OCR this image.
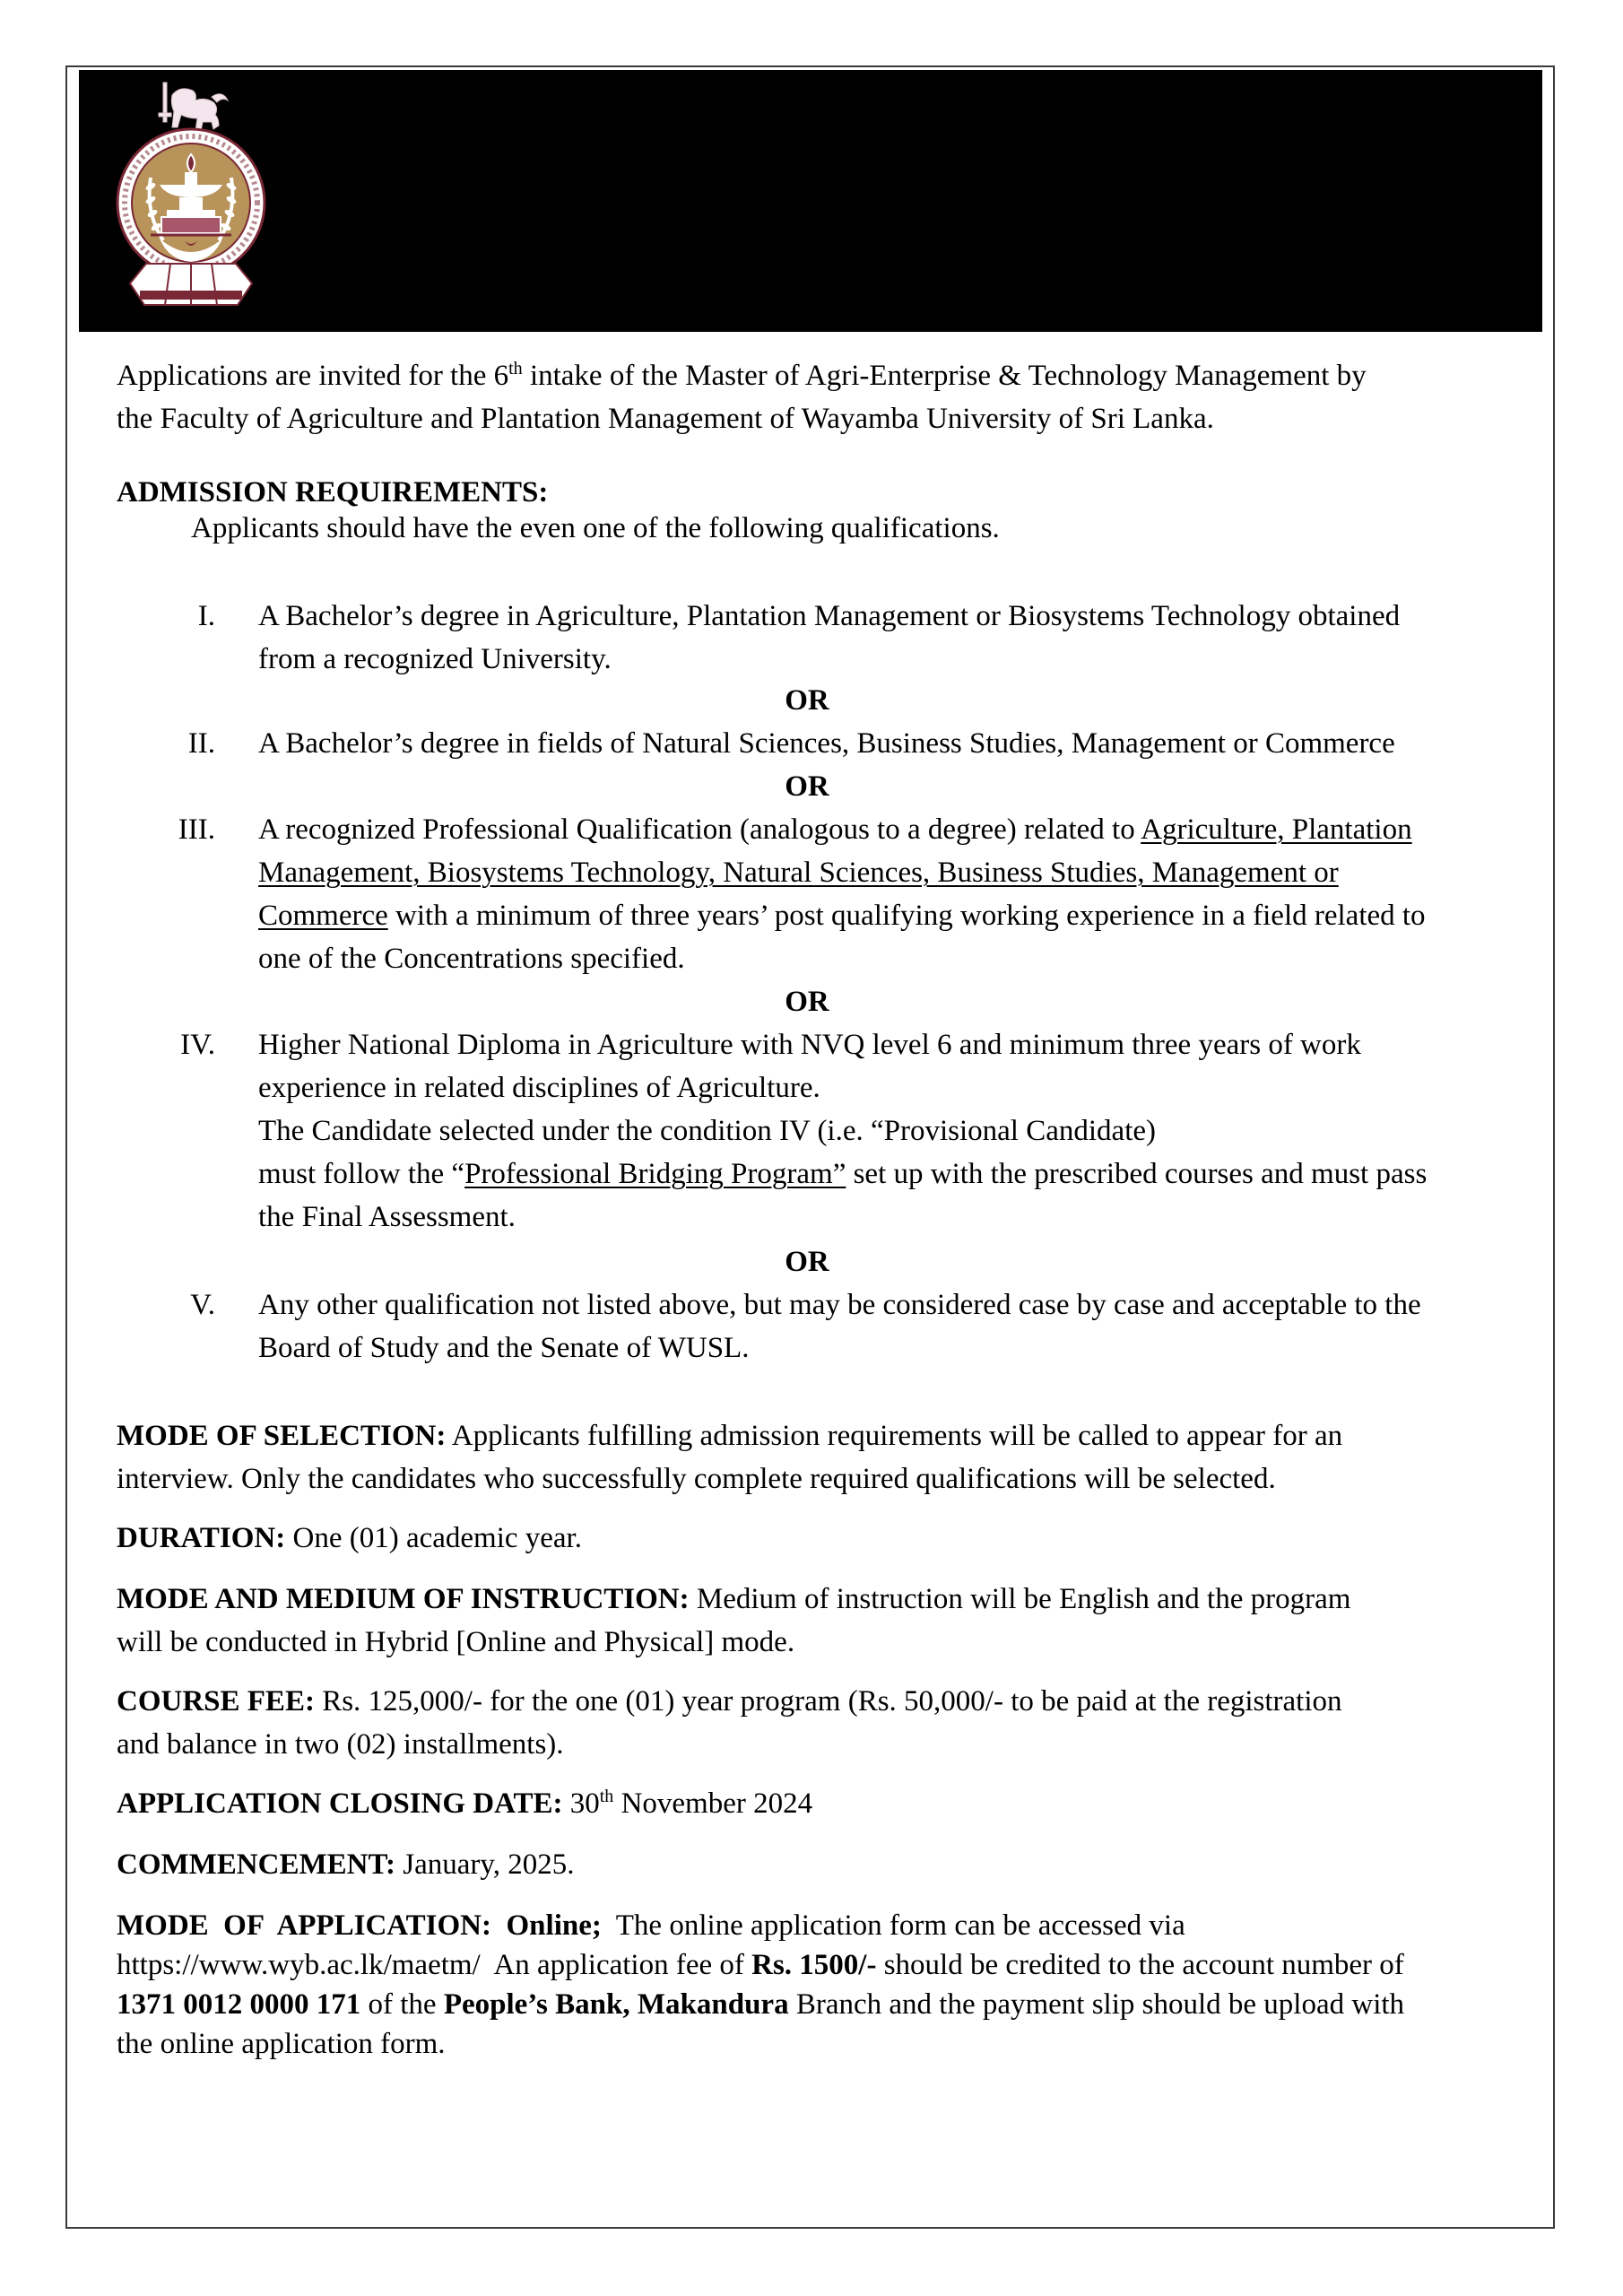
Master of Agri-Enterprise & Technology Management
Faculty of Agriculture & Plantation Management
WAYAMBA UNIVERSITY OF SRI LANKA
Makandura, Gonawila (NWP) 60170, Sri Lanka

Applications are invited for the 6th intake of the Master of Agri-Enterprise & Technology Management by

the Faculty of Agriculture and Plantation Management of Wayamba University of Sri Lanka.

ADMISSION REQUIREMENTS:

Applicants should have the even one of the following qualifications.

I. A Bachelor’s degree in Agriculture, Plantation Management or Biosystems Technology obtained

from a recognized University.

OR

II. A Bachelor’s degree in fields of Natural Sciences, Business Studies, Management or Commerce

OR

III. A recognized Professional Qualification (analogous to a degree) related to Agriculture, Plantation

Management, Biosystems Technology, Natural Sciences, Business Studies, Management or

Commerce with a minimum of three years’ post qualifying working experience in a field related to

one of the Concentrations specified.

OR

IV. Higher National Diploma in Agriculture with NVQ level 6 and minimum three years of work

experience in related disciplines of Agriculture.

The Candidate selected under the condition IV (i.e. “Provisional Candidate)

must follow the “Professional Bridging Program” set up with the prescribed courses and must pass

the Final Assessment.

OR

V. Any other qualification not listed above, but may be considered case by case and acceptable to the

Board of Study and the Senate of WUSL.

MODE OF SELECTION: Applicants fulfilling admission requirements will be called to appear for an

interview. Only the candidates who successfully complete required qualifications will be selected.

DURATION: One (01) academic year.

MODE AND MEDIUM OF INSTRUCTION: Medium of instruction will be English and the program

will be conducted in Hybrid [Online and Physical] mode.

COURSE FEE: Rs. 125,000/- for the one (01) year program (Rs. 50,000/- to be paid at the registration

and balance in two (02) installments).

APPLICATION CLOSING DATE: 30th November 2024

COMMENCEMENT: January, 2025.

MODE  OF  APPLICATION:  Online;  The online application form can be accessed via

https://www.wyb.ac.lk/maetm/  An application fee of Rs. 1500/- should be credited to the account number of

1371 0012 0000 171 of the People’s Bank, Makandura Branch and the payment slip should be upload with

the online application form.
